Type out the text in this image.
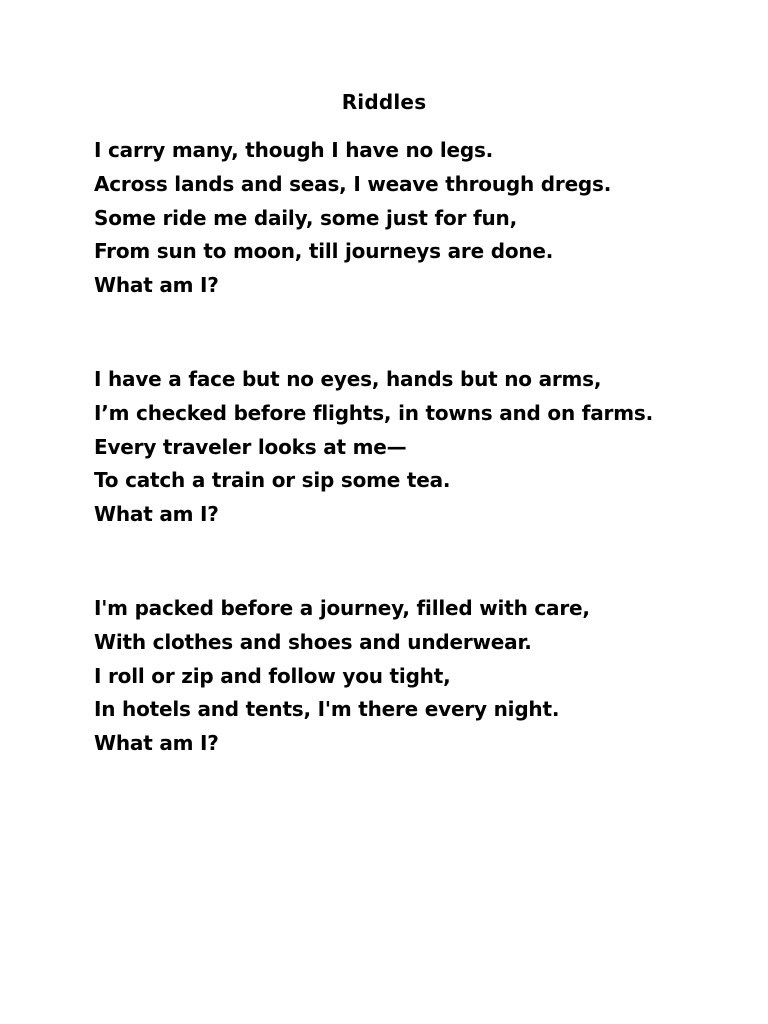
Riddles
I carry many, though I have no legs.
Across lands and seas, I weave through dregs.
Some ride me daily, some just for fun,
From sun to moon, till journeys are done.
What am I?
I have a face but no eyes, hands but no arms,
I’m checked before flights, in towns and on farms.
Every traveler looks at me—
To catch a train or sip some tea.
What am I?
I'm packed before a journey, filled with care,
With clothes and shoes and underwear.
I roll or zip and follow you tight,
In hotels and tents, I'm there every night.
What am I?
